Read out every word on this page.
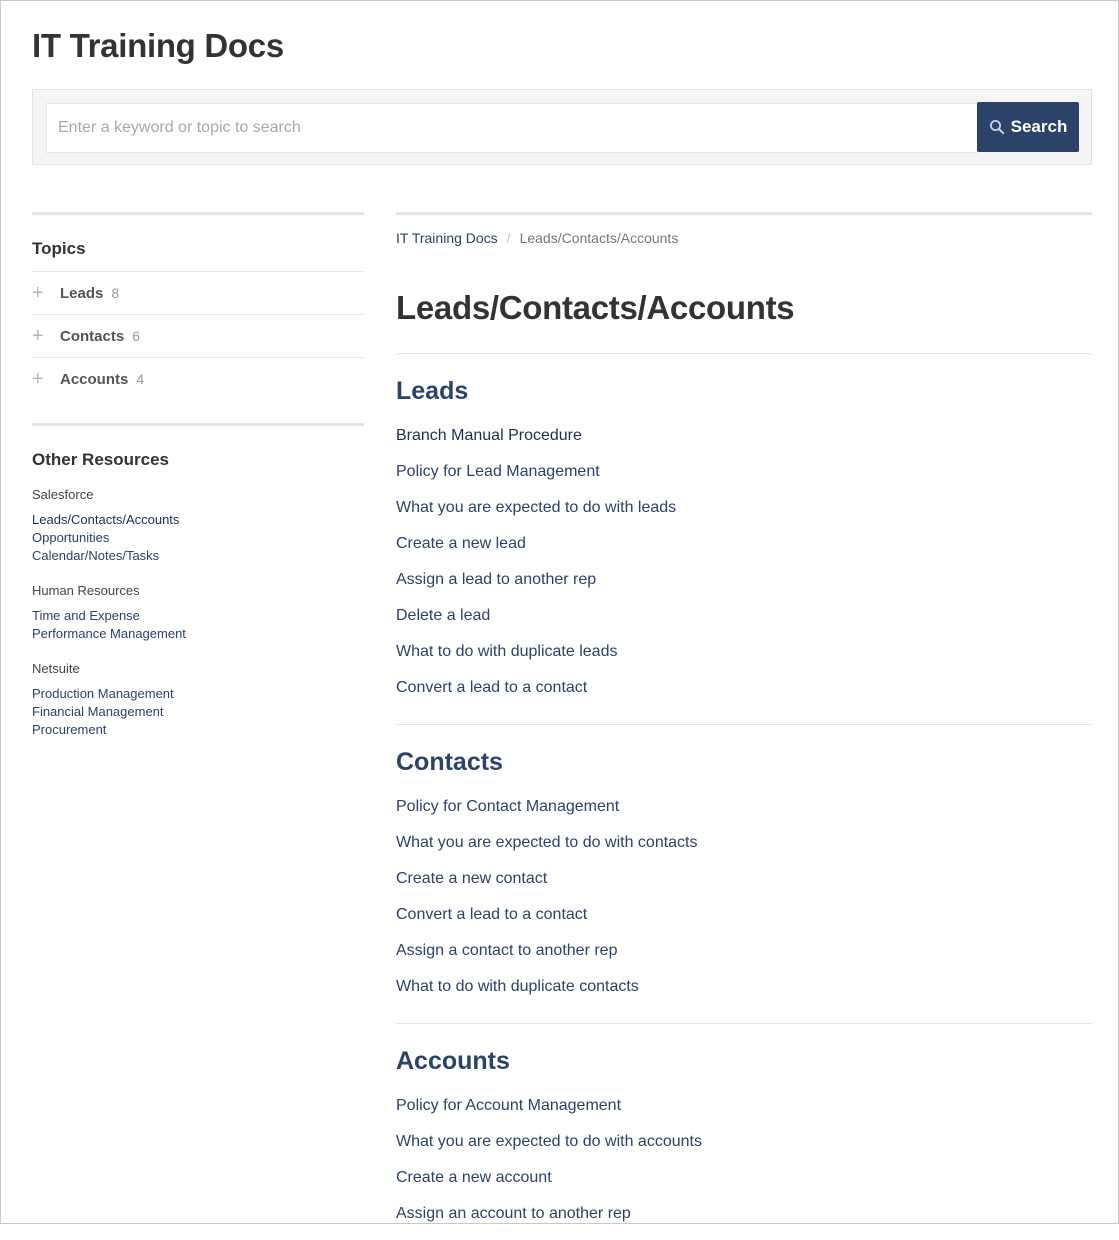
IT Training Docs
Enter a keyword or topic to search
Search
Topics
+	Leads 8
+	Contacts 6
+	Accounts 4
Other Resources
Salesforce
Leads/Contacts/Accounts
Opportunities
Calendar/Notes/Tasks
Human Resources
Time and Expense
Performance Management
Netsuite
Production Management
Financial Management
Procurement
IT Training Docs / Leads/Contacts/Accounts
Leads/Contacts/Accounts
Leads
Branch Manual Procedure
Policy for Lead Management
What you are expected to do with leads
Create a new lead
Assign a lead to another rep
Delete a lead
What to do with duplicate leads
Convert a lead to a contact
Contacts
Policy for Contact Management
What you are expected to do with contacts
Create a new contact
Convert a lead to a contact
Assign a contact to another rep
What to do with duplicate contacts
Accounts
Policy for Account Management
What you are expected to do with accounts
Create a new account
Assign an account to another rep
